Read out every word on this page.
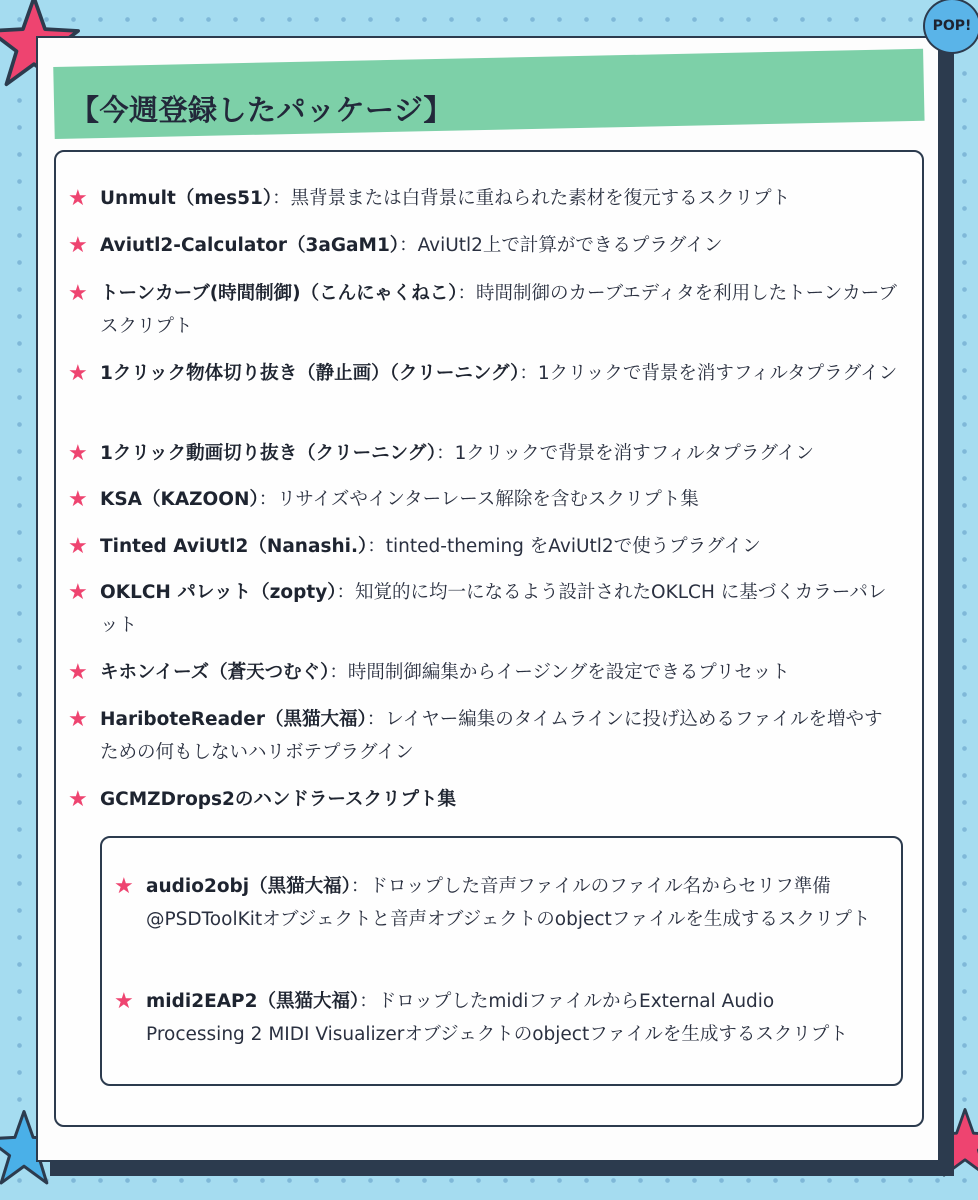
POP!
【今週登録したパッケージ】
★ Unmult（mes51）：黒背景または白背景に重ねられた素材を復元するスクリプト
★ Aviutl2-Calculator（3aGaM1）：AviUtl2上で計算ができるプラグイン
★ トーンカーブ(時間制御)（こんにゃくねこ）：時間制御のカーブエディタを利用したトーンカーブスクリプト
★ 1クリック物体切り抜き（静止画）（クリーニング）：1クリックで背景を消すフィルタプラグイン
★ 1クリック動画切り抜き（クリーニング）：1クリックで背景を消すフィルタプラグイン
★ KSA（KAZOON）：リサイズやインターレース解除を含むスクリプト集
★ Tinted AviUtl2（Nanashi.）：tinted-theming をAviUtl2で使うプラグイン
★ OKLCH パレット（zopty）：知覚的に均一になるよう設計されたOKLCH に基づくカラーパレット
★ キホンイーズ（蒼天つむぐ）：時間制御編集からイージングを設定できるプリセット
★ HariboteReader（黒猫大福）：レイヤー編集のタイムラインに投げ込めるファイルを増やすための何もしないハリボテプラグイン
★ GCMZDrops2のハンドラースクリプト集
★ audio2obj（黒猫大福）：ドロップした音声ファイルのファイル名からセリフ準備@PSDToolKitオブジェクトと音声オブジェクトのobjectファイルを生成するスクリプト
★ midi2EAP2（黒猫大福）：ドロップしたmidiファイルからExternal Audio Processing 2 MIDI Visualizerオブジェクトのobjectファイルを生成するスクリプト
